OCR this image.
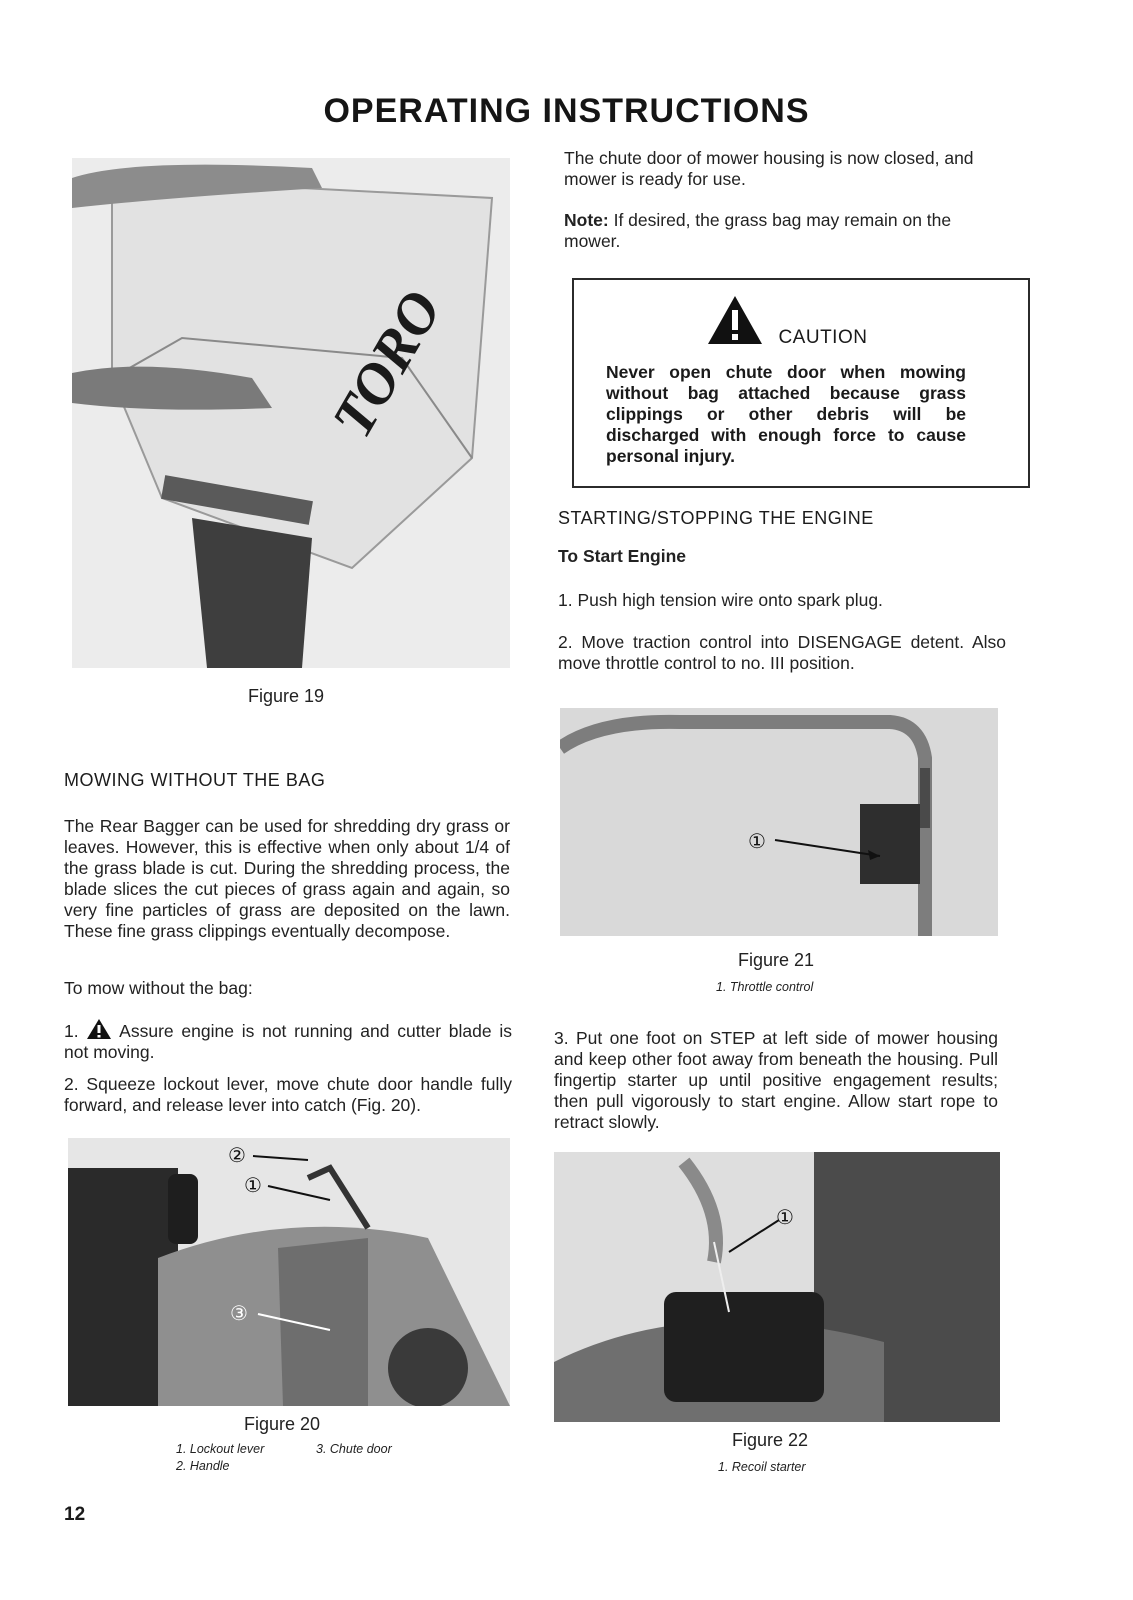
OPERATING INSTRUCTIONS
TORO
Figure 19
The chute door of mower housing is now closed, and mower is ready for use.
Note: If desired, the grass bag may remain on the mower.
CAUTION
Never open chute door when mowing without bag attached because grass clippings or other debris will be discharged with enough force to cause personal injury.
STARTING/STOPPING THE ENGINE
To Start Engine
1. Push high tension wire onto spark plug.
2. Move traction control into DISENGAGE detent. Also move throttle control to no. III position.
①
Figure 21
1. Throttle control
3. Put one foot on STEP at left side of mower housing and keep other foot away from beneath the housing. Pull fingertip starter up until positive engagement results; then pull vigorously to start engine. Allow start rope to retract slowly.
MOWING WITHOUT THE BAG
The Rear Bagger can be used for shredding dry grass or leaves. However, this is effective when only about 1/4 of the grass blade is cut. During the shredding process, the blade slices the cut pieces of grass again and again, so very fine particles of grass are deposited on the lawn. These fine grass clippings eventually decompose.
To mow without the bag:
1.  Assure engine is not running and cutter blade is not moving.
2. Squeeze lockout lever, move chute door handle fully forward, and release lever into catch (Fig. 20).
②
①
③
Figure 20
1. Lockout lever
2. Handle
3. Chute door
①
Figure 22
1. Recoil starter
12
